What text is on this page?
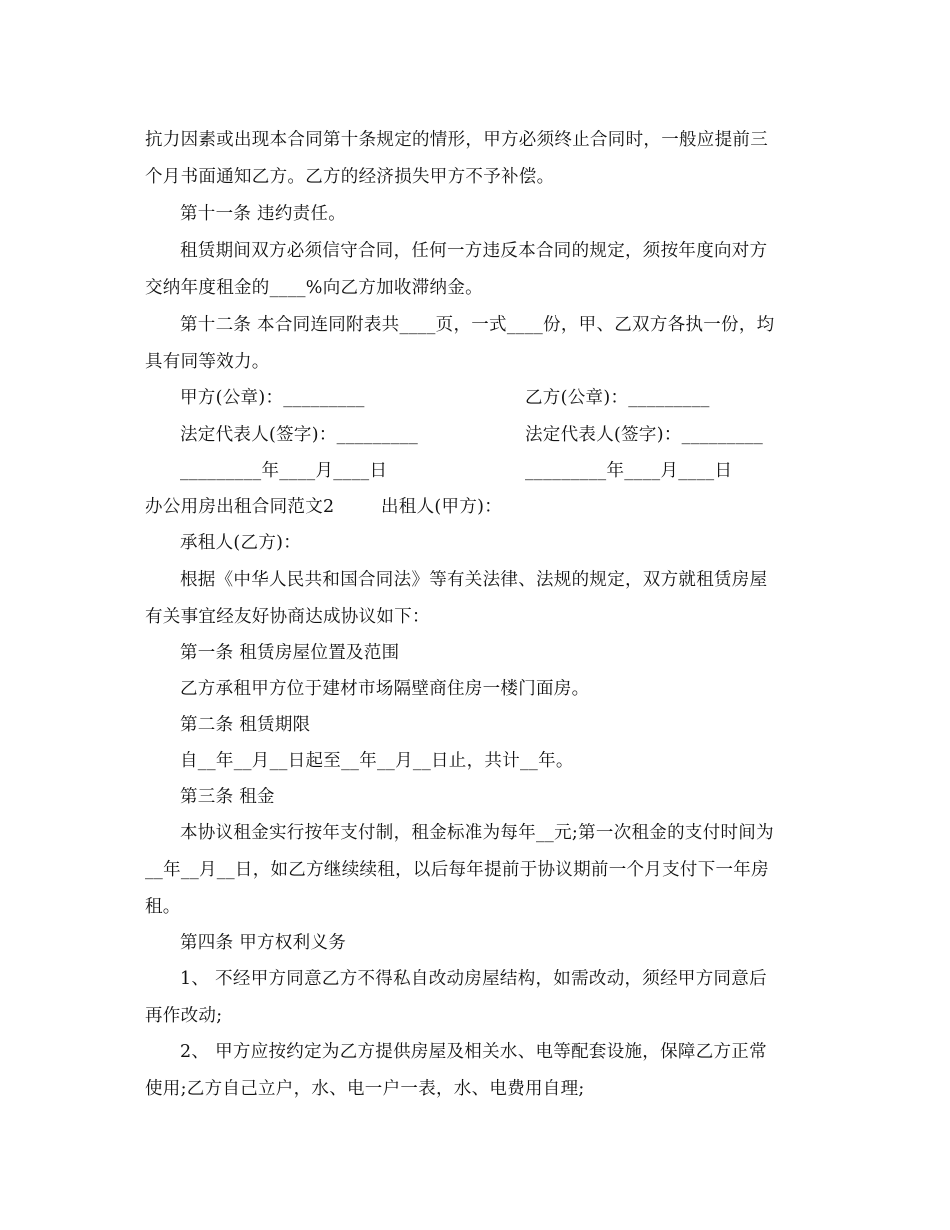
抗力因素或出现本合同第十条规定的情形，甲方必须终止合同时，一般应提前三
个月书面通知乙方。乙方的经济损失甲方不予补偿。
第十一条 违约责任。
租赁期间双方必须信守合同，任何一方违反本合同的规定，须按年度向对方
交纳年度租金的____%向乙方加收滞纳金。
第十二条 本合同连同附表共____页，一式____份，甲、乙双方各执一份，均
具有同等效力。
甲方(公章)：_________	乙方(公章)：_________
法定代表人(签字)：_________	法定代表人(签字)：_________
_________年____月____日	_________年____月____日
办公用房出租合同范文2	出租人(甲方)：
承租人(乙方)：
根据《中华人民共和国合同法》等有关法律、法规的规定，双方就租赁房屋
有关事宜经友好协商达成协议如下：
第一条 租赁房屋位置及范围
乙方承租甲方位于建材市场隔壁商住房一楼门面房。
第二条 租赁期限
自__年__月__日起至__年__月__日止，共计__年。
第三条 租金
本协议租金实行按年支付制，租金标准为每年__元;第一次租金的支付时间为
__年__月__日，如乙方继续续租，以后每年提前于协议期前一个月支付下一年房
租。
第四条 甲方权利义务
1、 不经甲方同意乙方不得私自改动房屋结构，如需改动，须经甲方同意后
再作改动;
2、 甲方应按约定为乙方提供房屋及相关水、电等配套设施，保障乙方正常
使用;乙方自己立户，水、电一户一表，水、电费用自理;
